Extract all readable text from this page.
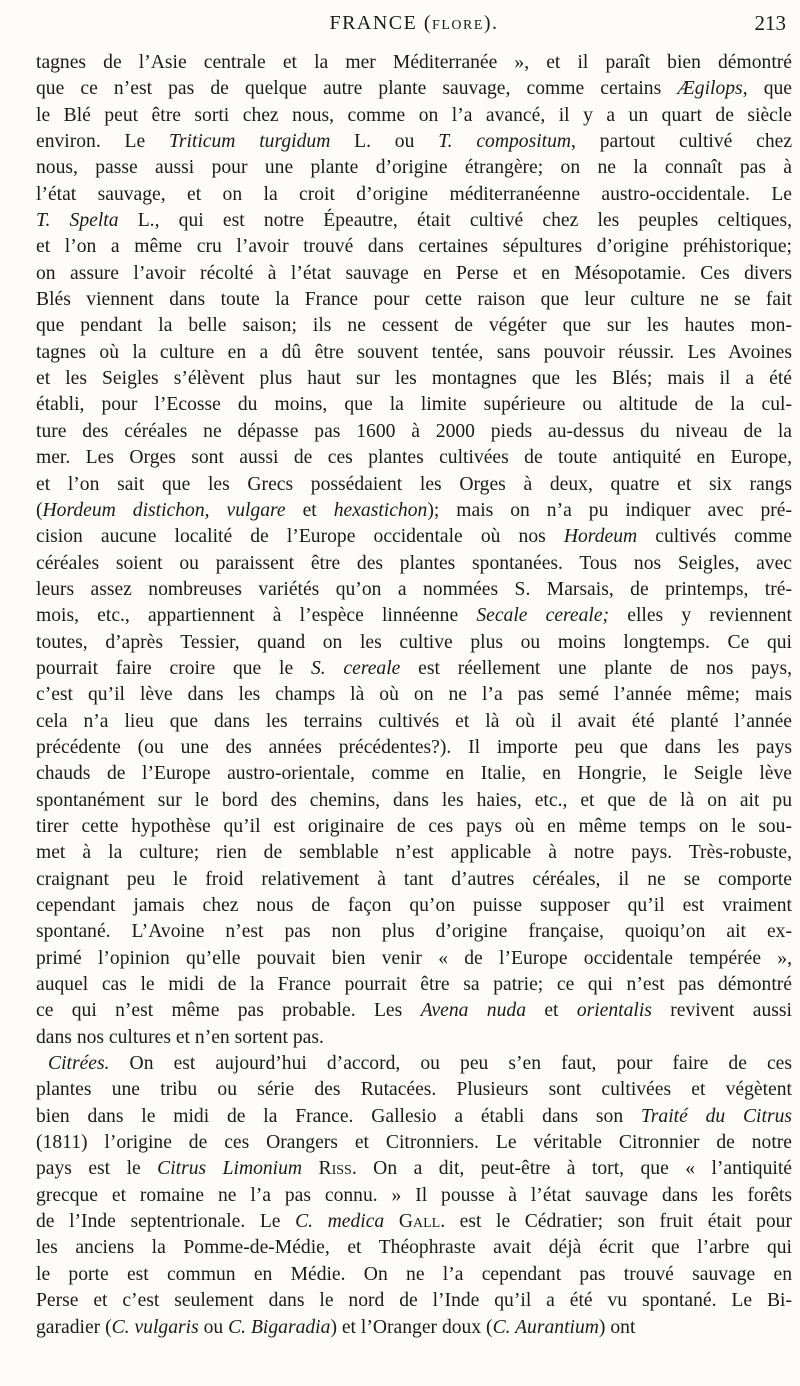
FRANCE (flore).	213
tagnes de l’Asie centrale et la mer Méditerranée », et il paraît bien démontré
que ce n’est pas de quelque autre plante sauvage, comme certains Ægilops, que
le Blé peut être sorti chez nous, comme on l’a avancé, il y a un quart de siècle
environ. Le Triticum turgidum L. ou T. compositum, partout cultivé chez
nous, passe aussi pour une plante d’origine étrangère; on ne la connaît pas à
l’état sauvage, et on la croit d’origine méditerranéenne austro-occidentale. Le
T. Spelta L., qui est notre Épeautre, était cultivé chez les peuples celtiques,
et l’on a même cru l’avoir trouvé dans certaines sépultures d’origine préhistorique;
on assure l’avoir récolté à l’état sauvage en Perse et en Mésopotamie. Ces divers
Blés viennent dans toute la France pour cette raison que leur culture ne se fait
que pendant la belle saison; ils ne cessent de végéter que sur les hautes mon-
tagnes où la culture en a dû être souvent tentée, sans pouvoir réussir. Les Avoines
et les Seigles s’élèvent plus haut sur les montagnes que les Blés; mais il a été
établi, pour l’Ecosse du moins, que la limite supérieure ou altitude de la cul-
ture des céréales ne dépasse pas 1600 à 2000 pieds au-dessus du niveau de la
mer. Les Orges sont aussi de ces plantes cultivées de toute antiquité en Europe,
et l’on sait que les Grecs possédaient les Orges à deux, quatre et six rangs
(Hordeum distichon, vulgare et hexastichon); mais on n’a pu indiquer avec pré-
cision aucune localité de l’Europe occidentale où nos Hordeum cultivés comme
céréales soient ou paraissent être des plantes spontanées. Tous nos Seigles, avec
leurs assez nombreuses variétés qu’on a nommées S. Marsais, de printemps, tré-
mois, etc., appartiennent à l’espèce linnéenne Secale cereale; elles y reviennent
toutes, d’après Tessier, quand on les cultive plus ou moins longtemps. Ce qui
pourrait faire croire que le S. cereale est réellement une plante de nos pays,
c’est qu’il lève dans les champs là où on ne l’a pas semé l’année même; mais
cela n’a lieu que dans les terrains cultivés et là où il avait été planté l’année
précédente (ou une des années précédentes?). Il importe peu que dans les pays
chauds de l’Europe austro-orientale, comme en Italie, en Hongrie, le Seigle lève
spontanément sur le bord des chemins, dans les haies, etc., et que de là on ait pu
tirer cette hypothèse qu’il est originaire de ces pays où en même temps on le sou-
met à la culture; rien de semblable n’est applicable à notre pays. Très-robuste,
craignant peu le froid relativement à tant d’autres céréales, il ne se comporte
cependant jamais chez nous de façon qu’on puisse supposer qu’il est vraiment
spontané. L’Avoine n’est pas non plus d’origine française, quoiqu’on ait ex-
primé l’opinion qu’elle pouvait bien venir « de l’Europe occidentale tempérée »,
auquel cas le midi de la France pourrait être sa patrie; ce qui n’est pas démontré
ce qui n’est même pas probable. Les Avena nuda et orientalis revivent aussi
dans nos cultures et n’en sortent pas.
Citrées. On est aujourd’hui d’accord, ou peu s’en faut, pour faire de ces
plantes une tribu ou série des Rutacées. Plusieurs sont cultivées et végètent
bien dans le midi de la France. Gallesio a établi dans son Traité du Citrus
(1811) l’origine de ces Orangers et Citronniers. Le véritable Citronnier de notre
pays est le Citrus Limonium Riss. On a dit, peut-être à tort, que « l’antiquité
grecque et romaine ne l’a pas connu. » Il pousse à l’état sauvage dans les forêts
de l’Inde septentrionale. Le C. medica Gall. est le Cédratier; son fruit était pour
les anciens la Pomme-de-Médie, et Théophraste avait déjà écrit que l’arbre qui
le porte est commun en Médie. On ne l’a cependant pas trouvé sauvage en
Perse et c’est seulement dans le nord de l’Inde qu’il a été vu spontané. Le Bi-
garadier (C. vulgaris ou C. Bigaradia) et l’Oranger doux (C. Aurantium) ont
